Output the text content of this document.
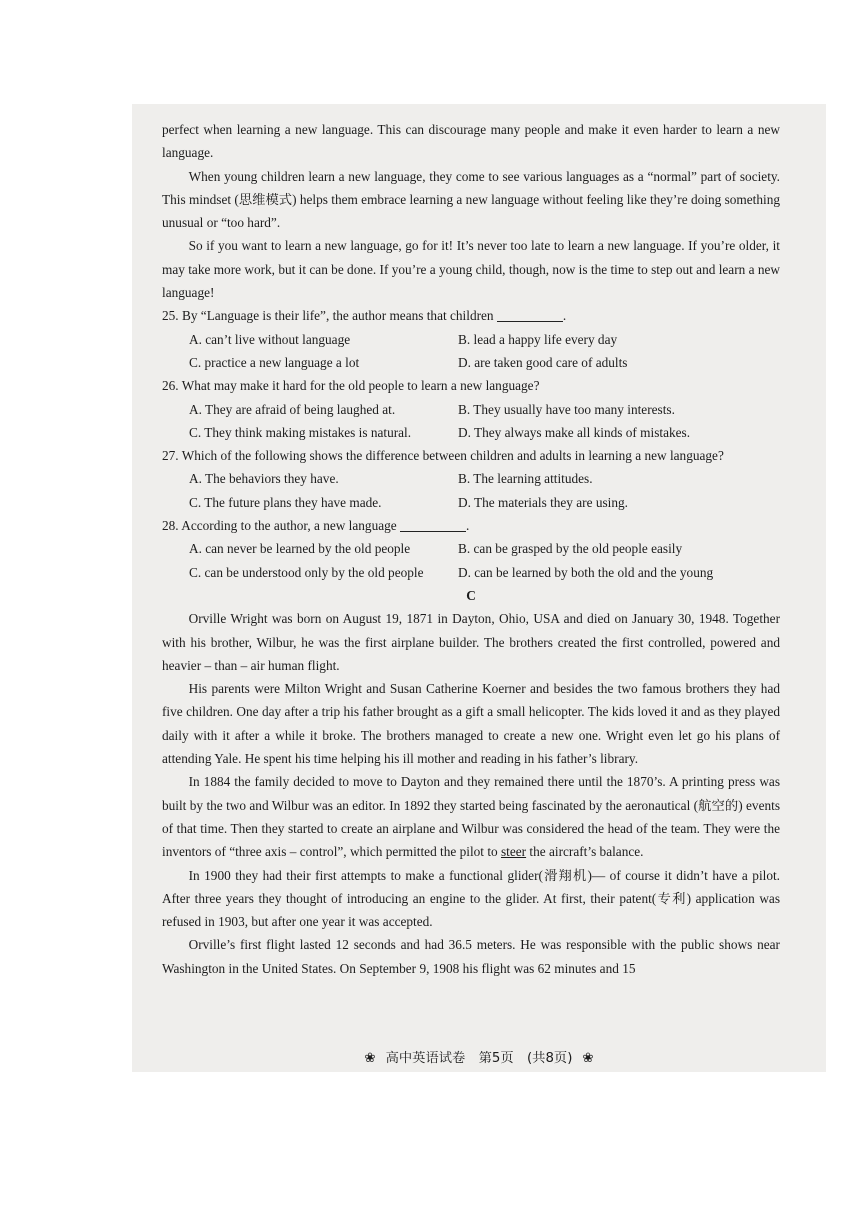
perfect when learning a new language. This can discourage many people and make it even harder to learn a new language.

When young children learn a new language, they come to see various languages as a “normal” part of society. This mindset (思维模式) helps them embrace learning a new language without feeling like they’re doing something unusual or “too hard”.

So if you want to learn a new language, go for it! It’s never too late to learn a new language. If you’re older, it may take more work, but it can be done. If you’re a young child, though, now is the time to step out and learn a new language!

25. By “Language is their life”, the author means that children	.

A. can’t live without language	B. lead a happy life every day
C. practice a new language a lot	D. are taken good care of adults

26. What may make it hard for the old people to learn a new language?

A. They are afraid of being laughed at.	B. They usually have too many interests.
C. They think making mistakes is natural.	D. They always make all kinds of mistakes.

27. Which of the following shows the difference between children and adults in learning a new language?

A. The behaviors they have.	B. The learning attitudes.
C. The future plans they have made.	D. The materials they are using.

28. According to the author, a new language	.

A. can never be learned by the old people	B. can be grasped by the old people easily
C. can be understood only by the old people	D. can be learned by both the old and the young

C

Orville Wright was born on August 19, 1871 in Dayton, Ohio, USA and died on January 30, 1948. Together with his brother, Wilbur, he was the first airplane builder. The brothers created the first controlled, powered and heavier – than – air human flight.

His parents were Milton Wright and Susan Catherine Koerner and besides the two famous brothers they had five children. One day after a trip his father brought as a gift a small helicopter. The kids loved it and as they played daily with it after a while it broke. The brothers managed to create a new one. Wright even let go his plans of attending Yale. He spent his time helping his ill mother and reading in his father’s library.

In 1884 the family decided to move to Dayton and they remained there until the 1870’s. A printing press was built by the two and Wilbur was an editor. In 1892 they started being fascinated by the aeronautical (航空的) events of that time. Then they started to create an airplane and Wilbur was considered the head of the team. They were the inventors of “three axis – control”, which permitted the pilot to steer the aircraft’s balance.

In 1900 they had their first attempts to make a functional glider(滑翔机)— of course it didn’t have a pilot. After three years they thought of introducing an engine to the glider. At first, their patent(专利) application was refused in 1903, but after one year it was accepted.

Orville’s first flight lasted 12 seconds and had 36.5 meters. He was responsible with the public shows near Washington in the United States. On September 9, 1908 his flight was 62 minutes and 15

❀ 高中英语试卷　第5页　(共8页) ❀
